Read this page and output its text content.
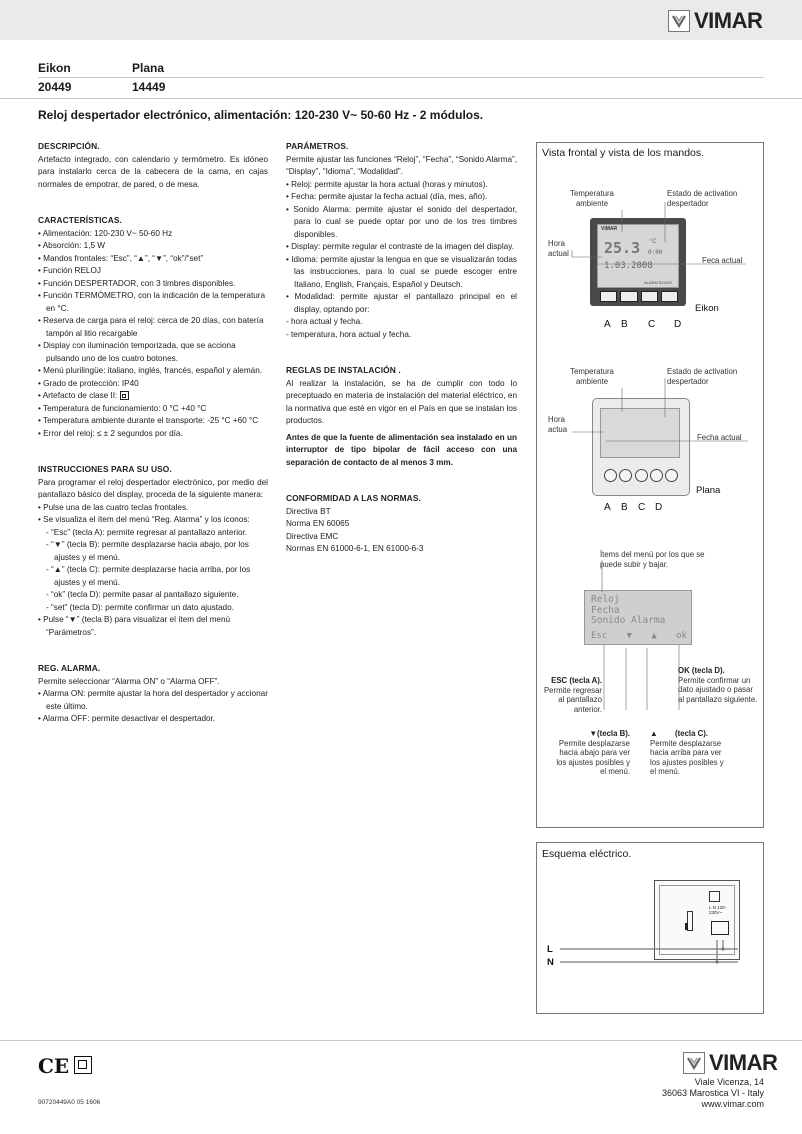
VIMAR
Eikon	Plana
20449	14449
Reloj despertador electrónico, alimentación: 120-230 V~ 50-60 Hz - 2 módulos.
DESCRIPCIÓN.

Artefacto integrado, con calendario y termómetro. Es idóneo para instalarlo cerca de la cabecera de la cama, en cajas normales de empotrar, de pared, o de mesa.

CARACTERÍSTICAS.
• Alimentación: 120-230 V~ 50-60 Hz
• Absorción: 1,5 W
• Mandos frontales: “Esc”, “▲”, “▼”, “ok”/“set”
• Función RELOJ
• Función DESPERTADOR, con 3 timbres disponibles.
• Función TERMÓMETRO, con la indicación de la temperatura en °C.
• Reserva de carga para el reloj: cerca de 20 días, con batería tampón al litio recargable
• Display con iluminación temporizada, que se acciona pulsando uno de los cuatro botones.
• Menú plurilingüe: italiano, inglés, francés, español y alemán.
• Grado de protección: IP40
• Artefacto de clase II:
• Temperatura de funcionamiento: 0 °C +40 °C
• Temperatura ambiente durante el transporte: -25 °C +60 °C
• Error del reloj: ≤ ± 2 segundos por día.
INSTRUCCIONES PARA SU USO.

Para programar el reloj despertador electrónico, por medio del pantallazo básico del display, proceda de la siguiente manera:

• Pulse una de las cuatro teclas frontales.
• Se visualiza el ítem del menú “Reg. Alarma” y los iconos:
- “Esc” (tecla A): permite regresar al pantallazo anterior.
- “▼” (tecla B): permite desplazarse hacia abajo, por los ajustes y el menú.
- “▲” (tecla C): permite desplazarse hacia arriba, por los ajustes y el menú.
- “ok” (tecla D): permite pasar al pantallazo siguiente.
- “set” (tecla D): permite confirmar un dato ajustado.
• Pulse “▼” (tecla B) para visualizar el ítem del menú “Parámetros”.
REG. ALARMA.

Permite seleccionar “Alarma ON” o “Alarma OFF”.

• Alarma ON: permite ajustar la hora del despertador y accionar este último.
• Alarma OFF: permite desactivar el despertador.
PARÁMETROS.

Permite ajustar las funciones “Reloj”, “Fecha”, “Sonido Alarma”, “Display”, “Idioma”, “Modalidad”.

• Reloj: permite ajustar la hora actual (horas y minutos).
• Fecha: permite ajustar la fecha actual (día, mes, año).
• Sonido Alarma: permite ajustar el sonido del despertador, para lo cual se puede optar por uno de los tres timbres disponibles.
• Display: permite regular el contraste de la imagen del display.
• Idioma: permite ajustar la lengua en que se visualizarán todas las instrucciones, para lo cual se puede escoger entre Italiano, English, Français, Español y Deutsch.
• Modalidad: permite ajustar el pantallazo principal en el display, optando por:
- hora actual y fecha.
- temperatura, hora actual y fecha.
REGLAS DE INSTALACIÓN .

Al realizar la instalación, se ha de cumplir con todo lo preceptuado en materia de instalación del material eléctrico, en la normativa que esté en vigor en el País en que se instalan los productos.

Antes de que la fuente de alimentación sea instalado en un interruptor de tipo bipolar de fácil acceso con una separación de contacto de al menos 3 mm.

CONFORMIDAD A LAS NORMAS.

Directiva BT

Norma EN 60065

Directiva EMC

Normas EN 61000-6-1, EN 61000-6-3

Vista frontal y vista de los mandos.
Temperatura ambiente
Estado de activation despertador
Hora actual
Feca actual
VIMAR
25.3 °C
0:00
1.03.2008
ALARM ELVOX
Eikon
A B C D
Temperatura ambiente
Estado de activation despertador
Hora actua
Fecha actual
Plana
A B C D
Ítems del menú por los que se puede subir y bajar.
Reloj
Fecha
Sonido Alarma
Esc ▼ ▲ ok
ESC (tecla A).
Permite regresar al pantallazo anterior.
OK (tecla D).
Permite confirmar un dato ajustado o pasar al pantallazo siguiente.
▼(tecla B).
Permite desplazarse hacia abajo para ver los ajustes posibles y el menú.
▲        (tecla C).
Permite desplazarse hacia arriba para ver los ajustes posibles y el menú.
Esquema eléctrico.
L N 120-230V~
L
N
CE
90720449A0 05 1606
VIMAR
Viale Vicenza, 14
36063 Marostica VI - Italy
www.vimar.com
